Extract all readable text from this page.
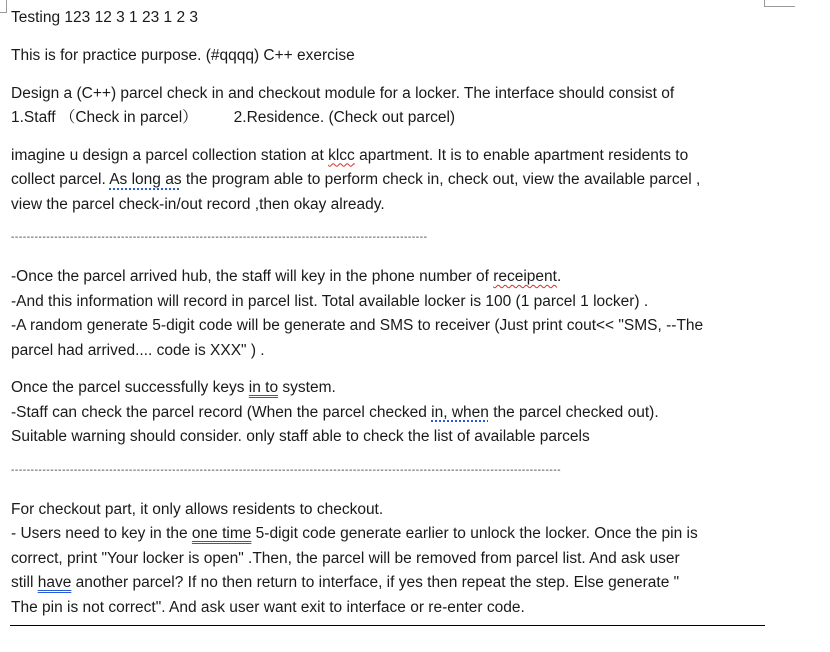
Testing 123 12 3 1 23 1 2 3

This is for practice purpose. (#qqqq) C++ exercise

Design a (C++) parcel check in and checkout module for a locker. The interface should consist of

1.Staff （Check in parcel） 2.Residence. (Check out parcel)

imagine u design a parcel collection station at klcc apartment. It is to enable apartment residents to

collect parcel. As long as the program able to perform check in, check out, view the available parcel ,

view the parcel check-in/out record ,then okay already.

----------------------------------------------------------------------------------------------------------

-Once the parcel arrived hub, the staff will key in the phone number of receipent.

-And this information will record in parcel list. Total available locker is 100 (1 parcel 1 locker) .

-A random generate 5-digit code will be generate and SMS to receiver (Just print cout<< "SMS, --The

parcel had arrived.... code is XXX" ) .

Once the parcel successfully keys in to system.

-Staff can check the parcel record (When the parcel checked in, when the parcel checked out).

Suitable warning should consider. only staff able to check the list of available parcels

--------------------------------------------------------------------------------------------------------------------------------------------

For checkout part, it only allows residents to checkout.

- Users need to key in the one time 5-digit code generate earlier to unlock the locker. Once the pin is

correct, print "Your locker is open" .Then, the parcel will be removed from parcel list. And ask user

still have another parcel? If no then return to interface, if yes then repeat the step. Else generate "

The pin is not correct". And ask user want exit to interface or re-enter code.
